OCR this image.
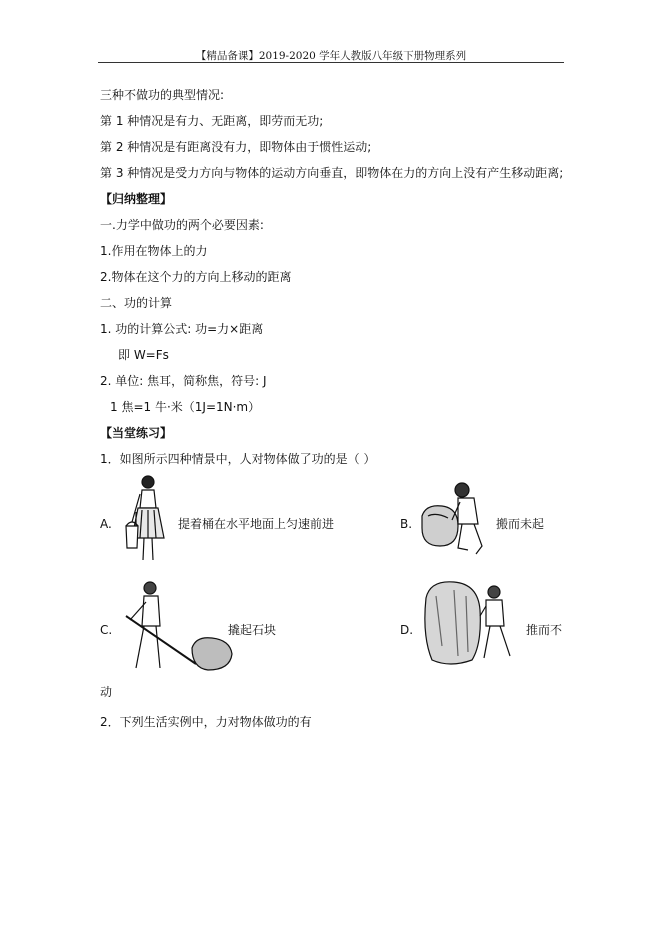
【精品备课】2019-2020 学年人教版八年级下册物理系列
三种不做功的典型情况:
第 1 种情况是有力、无距离，即劳而无功;
第 2 种情况是有距离没有力，即物体由于惯性运动;
第 3 种情况是受力方向与物体的运动方向垂直，即物体在力的方向上没有产生移动距离;
【归纳整理】
一.力学中做功的两个必要因素:
1.作用在物体上的力
2.物体在这个力的方向上移动的距离
二、功的计算
1. 功的计算公式: 功=力×距离
即 W=Fs
2. 单位: 焦耳，简称焦，符号: J
1 焦=1 牛·米（1J=1N·m）
【当堂练习】
1．如图所示四种情景中，人对物体做了功的是（ ）
A.	提着桶在水平地面上匀速前进	B.	搬而未起
C.	撬起石块	D.	推而不
动
2．下列生活实例中，力对物体做功的有
